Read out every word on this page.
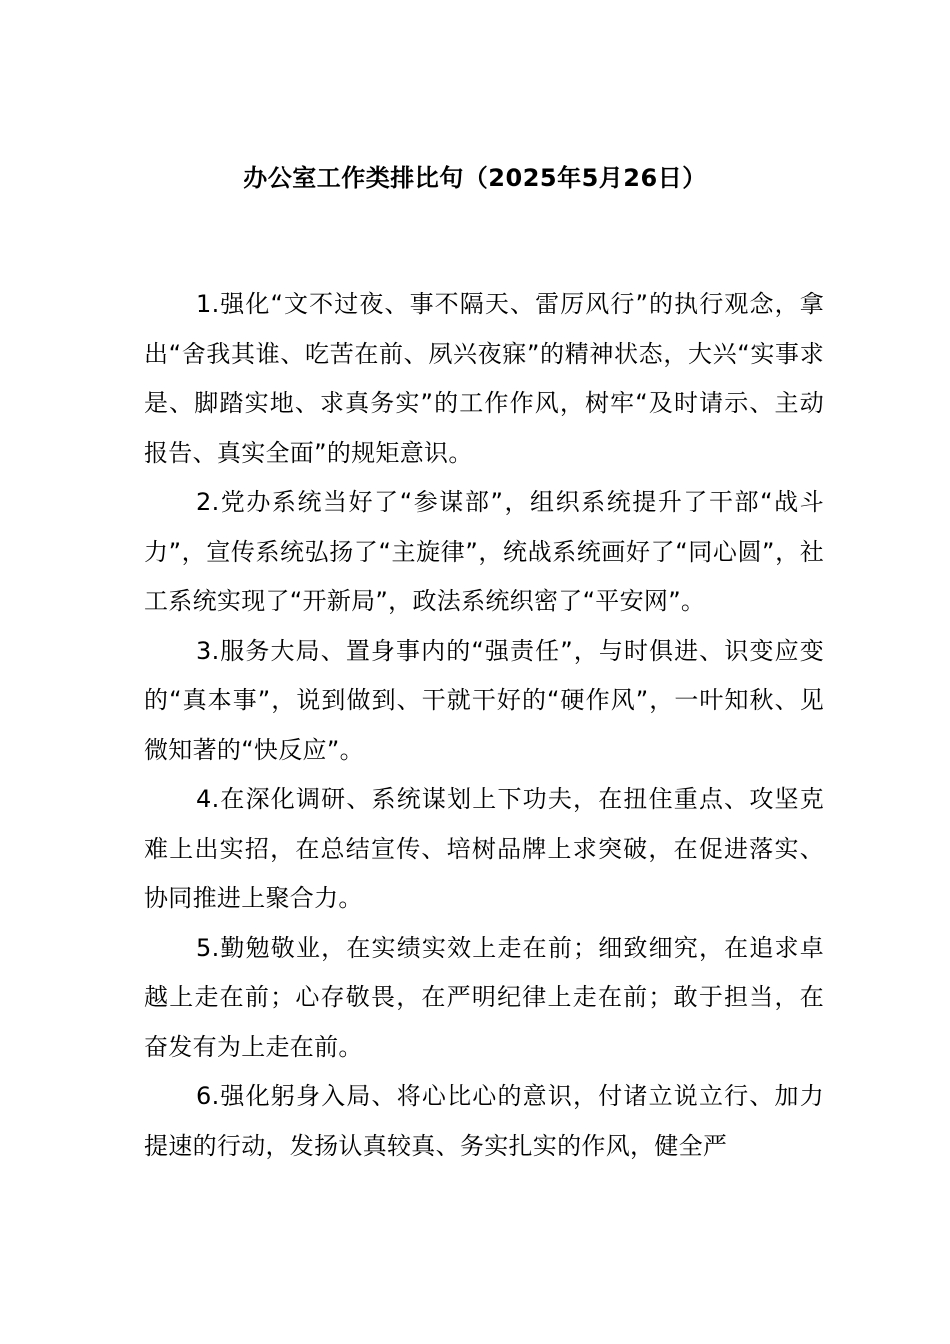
办公室工作类排比句（2025年5月26日）

1.强化“文不过夜、事不隔天、雷厉风行”的执行观念，拿出“舍我其谁、吃苦在前、夙兴夜寐”的精神状态，大兴“实事求是、脚踏实地、求真务实”的工作作风，树牢“及时请示、主动报告、真实全面”的规矩意识。

2.党办系统当好了“参谋部”，组织系统提升了干部“战斗力”，宣传系统弘扬了“主旋律”，统战系统画好了“同心圆”，社工系统实现了“开新局”，政法系统织密了“平安网”。

3.服务大局、置身事内的“强责任”，与时俱进、识变应变的“真本事”，说到做到、干就干好的“硬作风”，一叶知秋、见微知著的“快反应”。

4.在深化调研、系统谋划上下功夫，在扭住重点、攻坚克难上出实招，在总结宣传、培树品牌上求突破，在促进落实、协同推进上聚合力。

5.勤勉敬业，在实绩实效上走在前；细致细究，在追求卓越上走在前；心存敬畏，在严明纪律上走在前；敢于担当，在奋发有为上走在前。

6.强化躬身入局、将心比心的意识，付诸立说立行、加力提速的行动，发扬认真较真、务实扎实的作风，健全严
